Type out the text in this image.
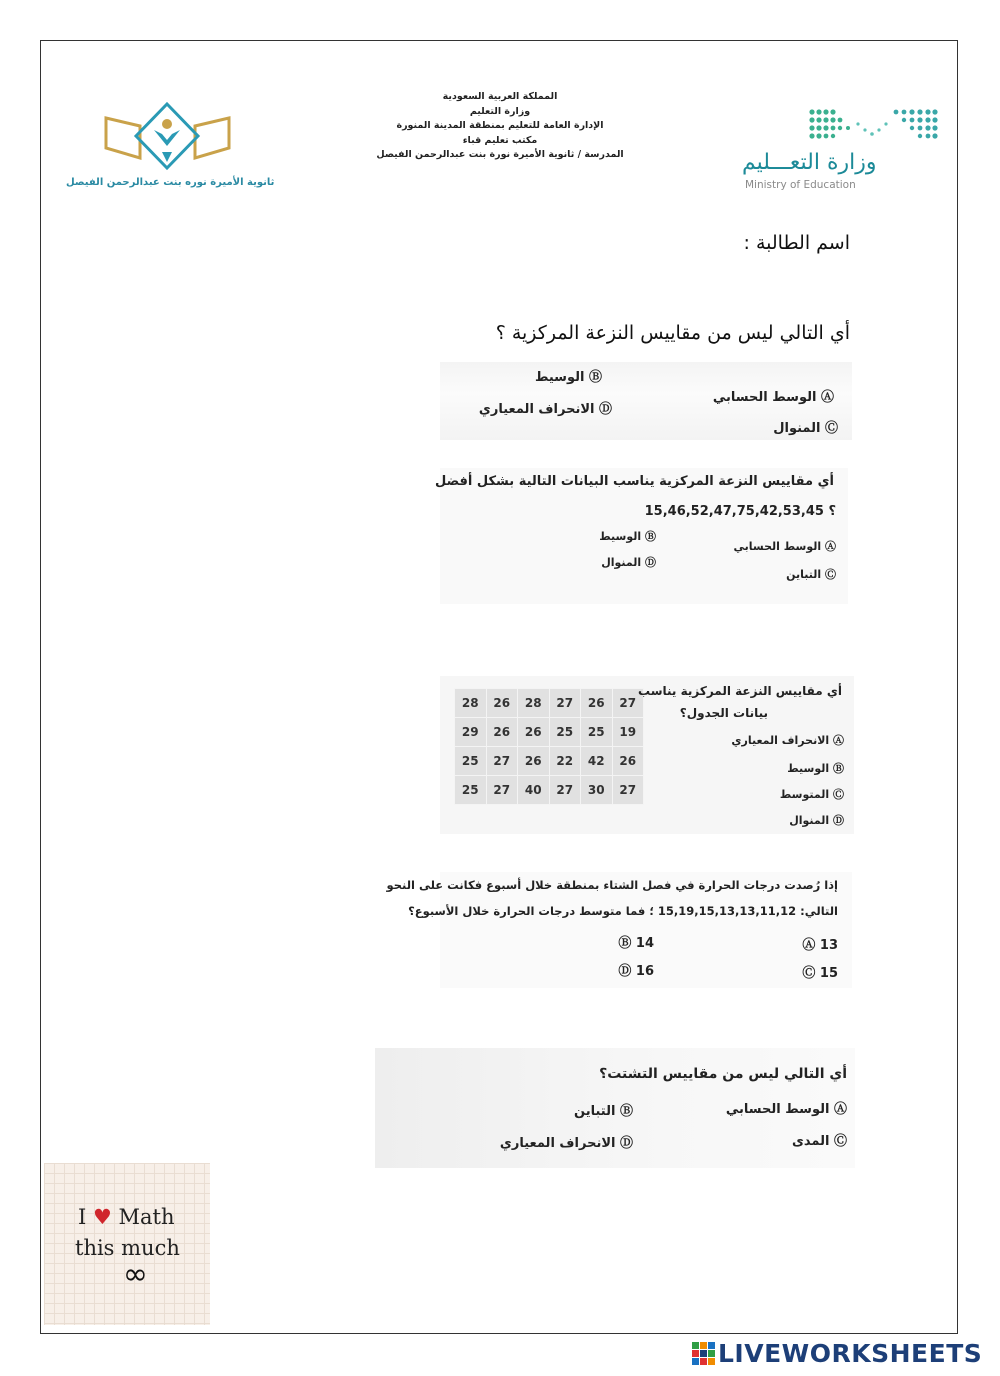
المملكة العربية السعودية
وزارة التعليم
الإدارة العامة للتعليم بمنطقة المدينة المنورة
مكتب تعليم قباء
المدرسة / ثانوية الأميرة نورة بنت عبدالرحمن الفيصل	وزارة التعـــليم
Ministry of Education
ثانوية الأميرة نوره بنت عبدالرحمن الفيصل
اسم الطالبة :
أي التالي ليس من مقاييس النزعة المركزية ؟
Ⓐ الوسط الحسابي
Ⓑ الوسيط
Ⓒ المنوال
Ⓓ الانحراف المعياري
أي مقاييس النزعة المركزية يناسب البيانات التالية بشكل أفضل
15,46,52,47,75,42,53,45 ؟
Ⓐ الوسط الحسابي
Ⓑ الوسيط
Ⓒ التباين
Ⓓ المنوال
28	26	28	27	26	27
29	26	26	25	25	19
25	27	26	22	42	26
25	27	40	27	30	27
أي مقاييس النزعة المركزية يناسب
بيانات الجدول؟
Ⓐ الانحراف المعياري
Ⓑ الوسيط
Ⓒ المتوسط
Ⓓ المنوال
إذا رُصدت درجات الحرارة في فصل الشتاء بمنطقة خلال أسبوع فكانت على النحو
التالي: 15,19,15,13,13,11,12 ؛ فما متوسط درجات الحرارة خلال الأسبوع؟
Ⓐ 13
Ⓑ 14
Ⓒ 15
Ⓓ 16
أي التالي ليس من مقاييس التشتت؟
Ⓐ الوسط الحسابي
Ⓑ التباين
Ⓒ المدى
Ⓓ الانحراف المعياري
I ♥ Math
this much
∞
LIVEWORKSHEETS
